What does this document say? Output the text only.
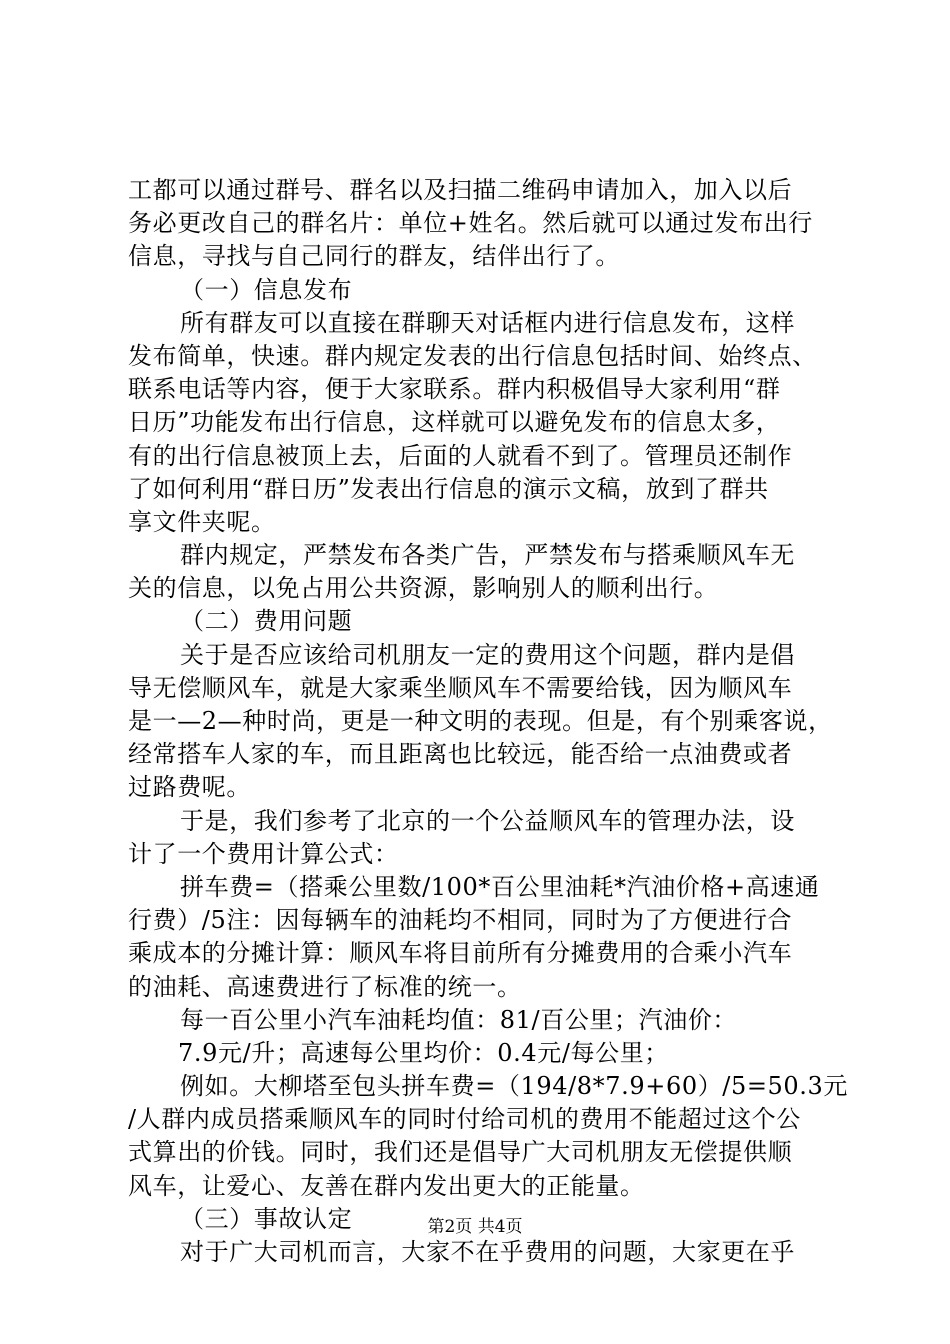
工都可以通过群号、群名以及扫描二维码申请加入，加入以后
务必更改自己的群名片：单位+姓名。然后就可以通过发布出行
信息，寻找与自己同行的群友，结伴出行了。
（一）信息发布
所有群友可以直接在群聊天对话框内进行信息发布，这样
发布简单，快速。群内规定发表的出行信息包括时间、始终点、
联系电话等内容，便于大家联系。群内积极倡导大家利用“群
日历”功能发布出行信息，这样就可以避免发布的信息太多，
有的出行信息被顶上去，后面的人就看不到了。管理员还制作
了如何利用“群日历”发表出行信息的演示文稿，放到了群共
享文件夹呢。
群内规定，严禁发布各类广告，严禁发布与搭乘顺风车无
关的信息，以免占用公共资源，影响别人的顺利出行。
（二）费用问题
关于是否应该给司机朋友一定的费用这个问题，群内是倡
导无偿顺风车，就是大家乘坐顺风车不需要给钱，因为顺风车
是一—2—种时尚，更是一种文明的表现。但是，有个别乘客说，
经常搭车人家的车，而且距离也比较远，能否给一点油费或者
过路费呢。
于是，我们参考了北京的一个公益顺风车的管理办法，设
计了一个费用计算公式：
拼车费=（搭乘公里数/100*百公里油耗*汽油价格+高速通
行费）/5注：因每辆车的油耗均不相同，同时为了方便进行合
乘成本的分摊计算：顺风车将目前所有分摊费用的合乘小汽车
的油耗、高速费进行了标准的统一。
每一百公里小汽车油耗均值：81/百公里；汽油价：
7.9元/升；高速每公里均价：0.4元/每公里；
例如。大柳塔至包头拼车费=（194/8*7.9+60）/5=50.3元
/人群内成员搭乘顺风车的同时付给司机的费用不能超过这个公
式算出的价钱。同时，我们还是倡导广大司机朋友无偿提供顺
风车，让爱心、友善在群内发出更大的正能量。
（三）事故认定
对于广大司机而言，大家不在乎费用的问题，大家更在乎
第2页 共4页
